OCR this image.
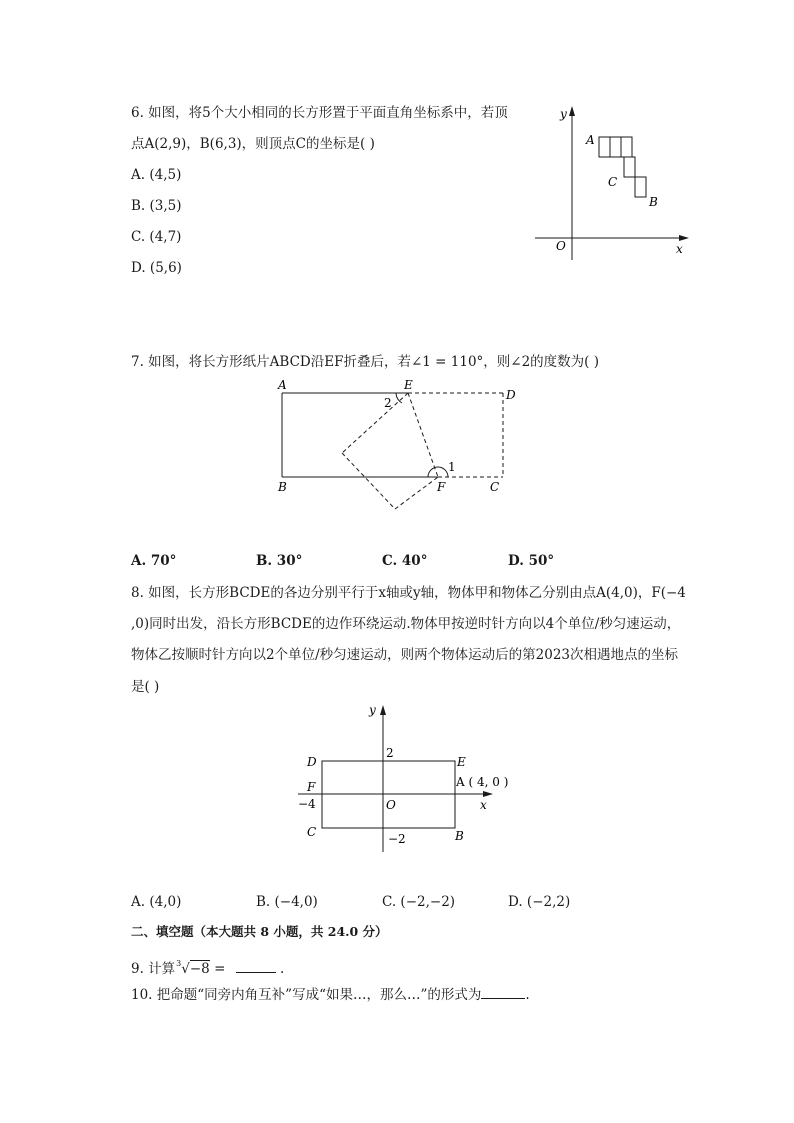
6. 如图，将5个大小相同的长方形置于平面直角坐标系中，若顶
点A(2,9)，B(6,3)，则顶点C的坐标是( )
A. (4,5)
B. (3,5)
C. (4,7)
D. (5,6)
y
x
O
A
C
B
7. 如图，将长方形纸片ABCD沿EF折叠后，若∠1 = 110°，则∠2的度数为( )
A	E
D
B	F	C
2
1
A. 70°	B. 30°	C. 40°	D. 50°
8. 如图，长方形BCDE的各边分别平行于x轴或y轴，物体甲和物体乙分别由点A(4,0)，F(−4
,0)同时出发，沿长方形BCDE的边作环绕运动.物体甲按逆时针方向以4个单位/秒匀速运动，
物体乙按顺时针方向以2个单位/秒匀速运动，则两个物体运动后的第2023次相遇地点的坐标
是( )
y
x
O
D	E
F
C	B
2
−4
−2
A ( 4, 0 )
A. (4,0)	B. (−4,0)	C. (−2,−2)	D. (−2,2)
二、填空题（本大题共 8 小题，共 24.0 分）
9. 计算$^3$√−8 =	.
10. 把命题“同旁内角互补”写成“如果…，那么…”的形式为	.
